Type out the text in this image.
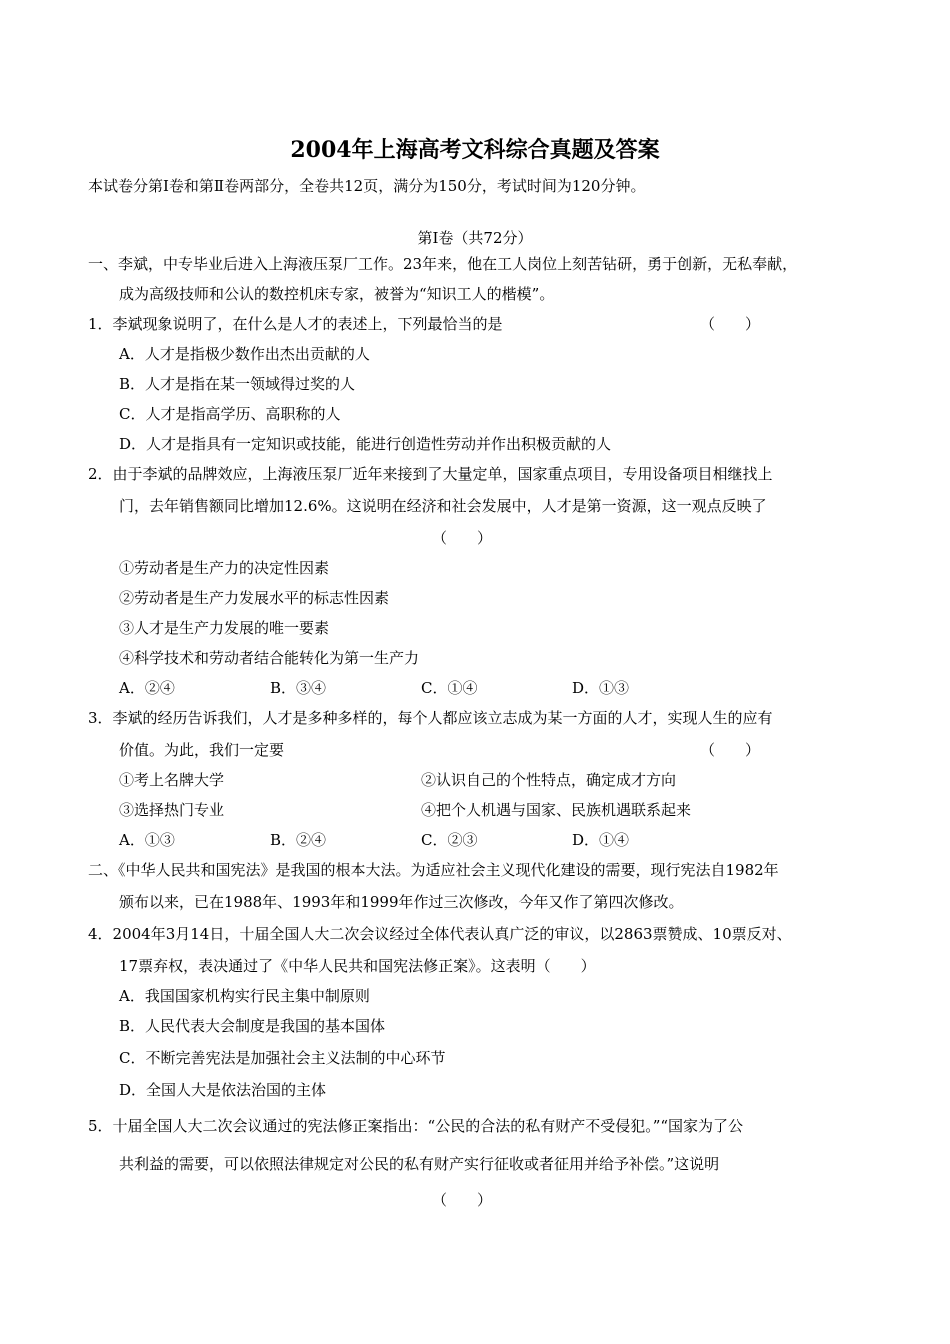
2004年上海高考文科综合真题及答案
本试卷分第Ⅰ卷和第Ⅱ卷两部分，全卷共12页，满分为150分，考试时间为120分钟。
第Ⅰ卷（共72分）
一、李斌，中专毕业后进入上海液压泵厂工作。23年来，他在工人岗位上刻苦钻研，勇于创新，无私奉献，
成为高级技师和公认的数控机床专家，被誉为“知识工人的楷模”。
1．李斌现象说明了，在什么是人才的表述上，下列最恰当的是	（　　）
A．人才是指极少数作出杰出贡献的人
B．人才是指在某一领域得过奖的人
C．人才是指高学历、高职称的人
D．人才是指具有一定知识或技能，能进行创造性劳动并作出积极贡献的人
2．由于李斌的品牌效应，上海液压泵厂近年来接到了大量定单，国家重点项目，专用设备项目相继找上
门，去年销售额同比增加12.6%。这说明在经济和社会发展中，人才是第一资源，这一观点反映了
（　　）
①劳动者是生产力的决定性因素
②劳动者是生产力发展水平的标志性因素
③人才是生产力发展的唯一要素
④科学技术和劳动者结合能转化为第一生产力
A．②④	B．③④	C．①④	D．①③
3．李斌的经历告诉我们，人才是多种多样的，每个人都应该立志成为某一方面的人才，实现人生的应有
价值。为此，我们一定要	（　　）
①考上名牌大学	②认识自己的个性特点，确定成才方向
③选择热门专业	④把个人机遇与国家、民族机遇联系起来
A．①③	B．②④	C．②③	D．①④
二、《中华人民共和国宪法》是我国的根本大法。为适应社会主义现代化建设的需要，现行宪法自1982年
颁布以来，已在1988年、1993年和1999年作过三次修改，今年又作了第四次修改。
4．2004年3月14日，十届全国人大二次会议经过全体代表认真广泛的审议，以2863票赞成、10票反对、
17票弃权，表决通过了《中华人民共和国宪法修正案》。这表明（　　）
A．我国国家机构实行民主集中制原则
B．人民代表大会制度是我国的基本国体
C．不断完善宪法是加强社会主义法制的中心环节
D．全国人大是依法治国的主体
5．十届全国人大二次会议通过的宪法修正案指出：“公民的合法的私有财产不受侵犯。”“国家为了公
共利益的需要，可以依照法律规定对公民的私有财产实行征收或者征用并给予补偿。”这说明
（　　）
